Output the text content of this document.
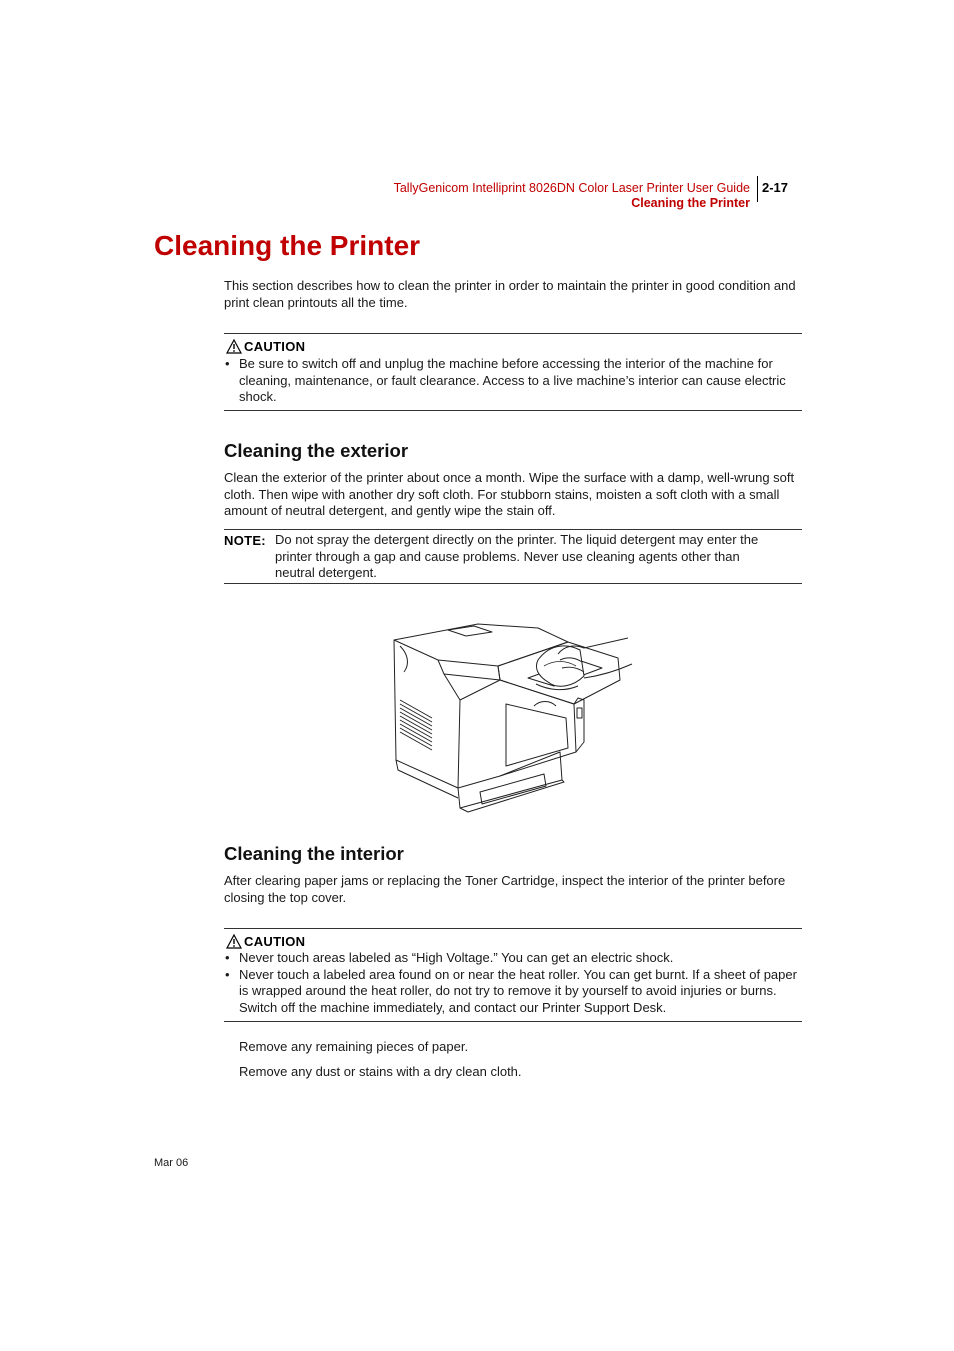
TallyGenicom Intelliprint 8026DN Color Laser Printer User Guide
Cleaning the Printer
2-17
Cleaning the Printer

This section describes how to clean the printer in order to maintain the printer in good condition and print clean printouts all the time.

CAUTION
• Be sure to switch off and unplug the machine before accessing the interior of the machine for cleaning, maintenance, or fault clearance. Access to a live machine’s interior can cause electric shock.
Cleaning the exterior

Clean the exterior of the printer about once a month. Wipe the surface with a damp, well-wrung soft cloth. Then wipe with another dry soft cloth. For stubborn stains, moisten a soft cloth with a small amount of neutral detergent, and gently wipe the stain off.

NOTE: Do not spray the detergent directly on the printer. The liquid detergent may enter the printer through a gap and cause problems. Never use cleaning agents other than neutral detergent.
Cleaning the interior

After clearing paper jams or replacing the Toner Cartridge, inspect the interior of the printer before closing the top cover.

CAUTION
• Never touch areas labeled as “High Voltage.” You can get an electric shock.
• Never touch a labeled area found on or near the heat roller. You can get burnt. If a sheet of paper is wrapped around the heat roller, do not try to remove it by yourself to avoid injuries or burns. Switch off the machine immediately, and contact our Printer Support Desk.
Remove any remaining pieces of paper.
Remove any dust or stains with a dry clean cloth.
Mar 06
